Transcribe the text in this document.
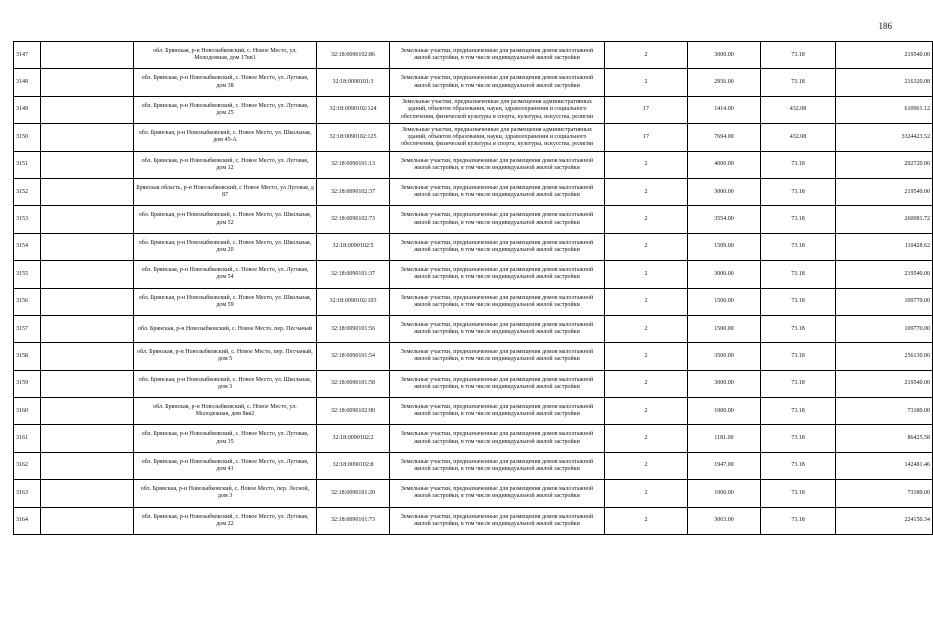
186
3147		обл. Брянская, р-н Новозыбковский, с. Новое Место, ул. Молодежная, дом 17кв1	32:18:0090102:86	Земельные участки, предназначенные для размещения домов малоэтажной жилой застройки, в том числе индивидуальной жилой застройки	2	3000.00	73.18	219540.00
3148		обл. Брянская, р-н Новозыбковский, с. Новое Место, ул. Луговая, дом 38	32:18:0090101:3	Земельные участки, предназначенные для размещения домов малоэтажной жилой застройки, в том числе индивидуальной жилой застройки	2	2956.00	73.18	216320.08
3149		обл. Брянская, р-н Новозыбковский, с. Новое Место, ул. Луговая, дом 25	32:18:0090102:124	Земельные участки, предназначенные для размещения административных зданий, объектов образования, науки, здравоохранения и социального обеспечения, физической культуры и спорта, культуры, искусства, религии	17	1414.00	432.08	610961.12
3150		обл. Брянская, р-н Новозыбковский, с. Новое Место, ул. Школьная, дом 45-А	32:18:0090102:125	Земельные участки, предназначенные для размещения административных зданий, объектов образования, науки, здравоохранения и социального обеспечения, физической культуры и спорта, культуры, искусства, религии	17	7694.00	432.08	3324423.52
3151		обл. Брянская, р-н Новозыбковский, с. Новое Место, ул. Луговая, дом 12	32:18:0090101:13	Земельные участки, предназначенные для размещения домов малоэтажной жилой застройки, в том числе индивидуальной жилой застройки	2	4000.00	73.18	292720.00
3152		Брянская область, р-н Новозыбковский, с Новое Место, ул Луговая, д 87	32:18:0090102:37	Земельные участки, предназначенные для размещения домов малоэтажной жилой застройки, в том числе индивидуальной жилой застройки	2	3000.00	73.18	219540.00
3153		обл. Брянская, р-н Новозыбковский, с. Новое Место, ул. Школьная, дом 52	32:18:0090102:73	Земельные участки, предназначенные для размещения домов малоэтажной жилой застройки, в том числе индивидуальной жилой застройки	2	3554.00	73.18	260081.72
3154		обл. Брянская, р-н Новозыбковский, с. Новое Место, ул. Школьная, дом 20	32:18:0090102:5	Земельные участки, предназначенные для размещения домов малоэтажной жилой застройки, в том числе индивидуальной жилой застройки	2	1509.00	73.18	110428.62
3155		обл. Брянская, р-н Новозыбковский, с. Новое Место, ул. Луговая, дом 54	32:18:0090101:37	Земельные участки, предназначенные для размещения домов малоэтажной жилой застройки, в том числе индивидуальной жилой застройки	2	3000.00	73.18	219540.00
3156		обл. Брянская, р-н Новозыбковский, с. Новое Место, ул. Школьная, дом 59	32:18:0090102:103	Земельные участки, предназначенные для размещения домов малоэтажной жилой застройки, в том числе индивидуальной жилой застройки	2	1500.00	73.18	109770.00
3157		обл. Брянская, р-н Новозыбковский, с. Новое Место, пер. Песчаный	32:18:0090101:56	Земельные участки, предназначенные для размещения домов малоэтажной жилой застройки, в том числе индивидуальной жилой застройки	2	1500.00	73.18	109770.00
3158		обл. Брянская, р-н Новозыбковский, с. Новое Место, пер. Песчаный, дом 5	32:18:0090101:54	Земельные участки, предназначенные для размещения домов малоэтажной жилой застройки, в том числе индивидуальной жилой застройки	2	3500.00	73.18	256130.00
3159		обл. Брянская, р-н Новозыбковский, с. Новое Место, ул. Школьная, дом 3	32:18:0090101:58	Земельные участки, предназначенные для размещения домов малоэтажной жилой застройки, в том числе индивидуальной жилой застройки	2	3000.00	73.18	219540.00
3160		обл. Брянская, р-н Новозыбковский, с. Новое Место, ул. Молодежная, дом 8кв2	32:18:0090102:90	Земельные участки, предназначенные для размещения домов малоэтажной жилой застройки, в том числе индивидуальной жилой застройки	2	1000.00	73.18	73180.00
3161		обл. Брянская, р-н Новозыбковский, с. Новое Место, ул. Луговая, дом 35	32:18:0090102:2	Земельные участки, предназначенные для размещения домов малоэтажной жилой застройки, в том числе индивидуальной жилой застройки	2	1181.00	73.18	86425.58
3162		обл. Брянская, р-н Новозыбковский, с. Новое Место, ул. Луговая, дом 41	32:18:0090102:8	Земельные участки, предназначенные для размещения домов малоэтажной жилой застройки, в том числе индивидуальной жилой застройки	2	1947.00	73.18	142481.46
3163		обл. Брянская, р-н Новозыбковский, с. Новое Место, пер. Лесной, дом 3	32:18:0090101:20	Земельные участки, предназначенные для размещения домов малоэтажной жилой застройки, в том числе индивидуальной жилой застройки	2	1000.00	73.18	73180.00
3164		обл. Брянская, р-н Новозыбковский, с. Новое Место, ул. Луговая, дом 22	32:18:0090101:73	Земельные участки, предназначенные для размещения домов малоэтажной жилой застройки, в том числе индивидуальной жилой застройки	2	3063.00	73.18	224150.34
